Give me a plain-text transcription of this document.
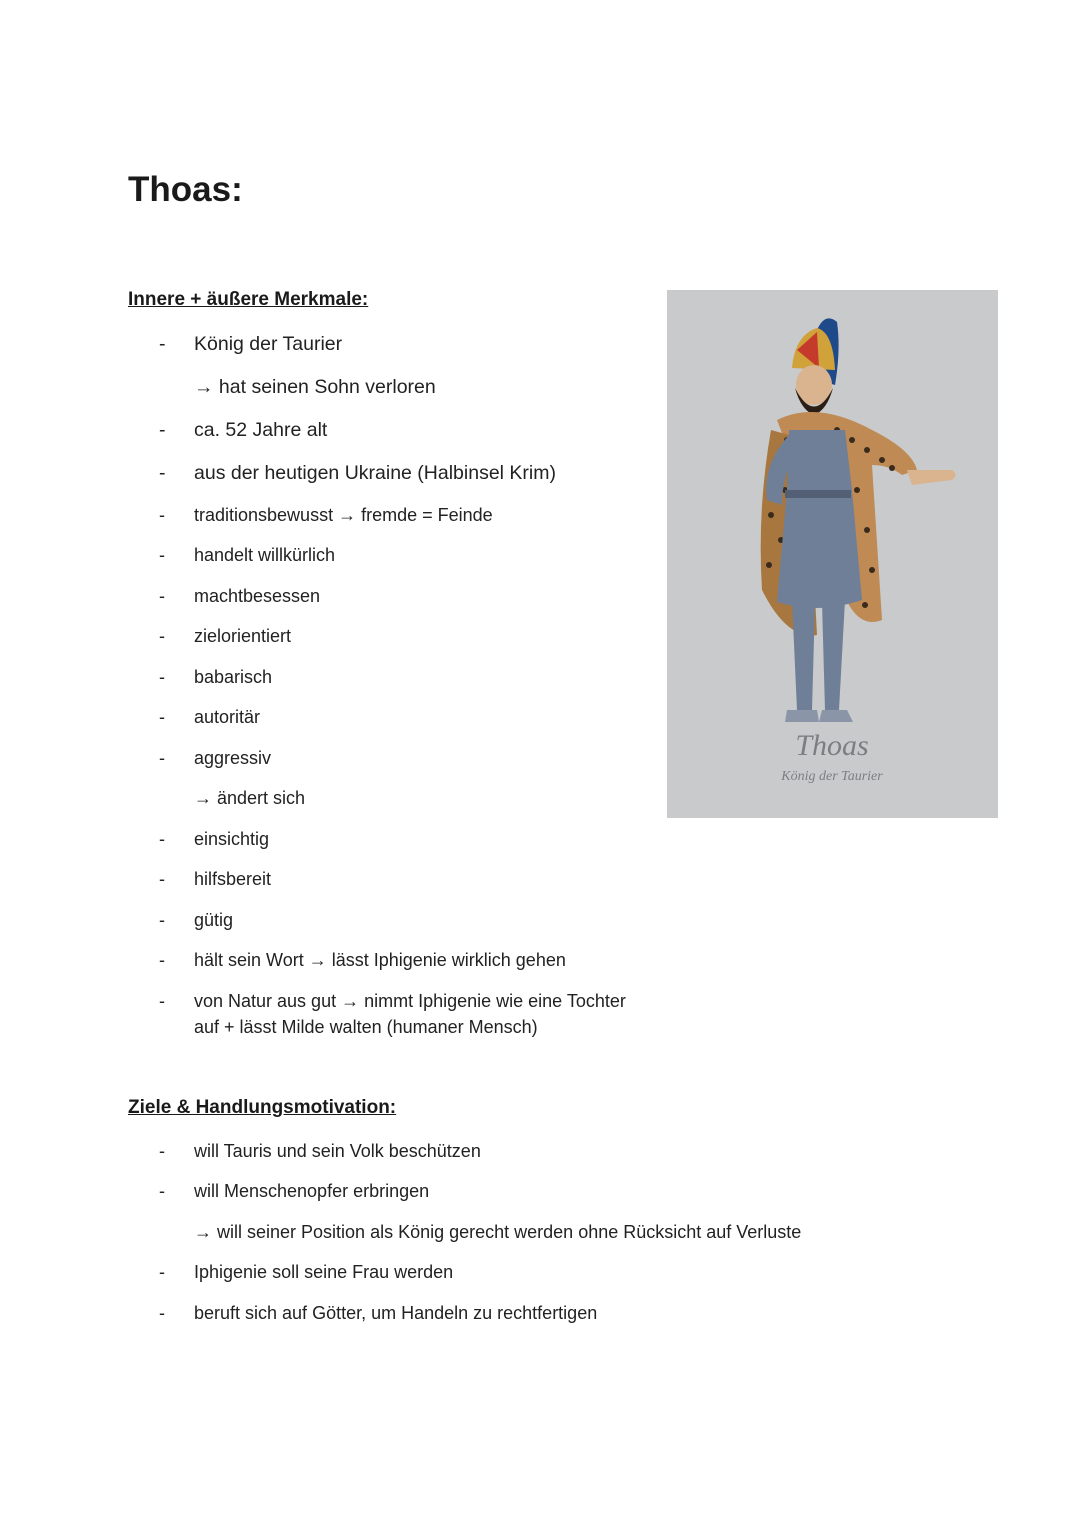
Thoas:
Innere + äußere Merkmale:
- König der Taurier
→ hat seinen Sohn verloren
- ca. 52 Jahre alt
- aus der heutigen Ukraine (Halbinsel Krim)
- traditionsbewusst → fremde = Feinde
- handelt willkürlich
- machtbesessen
- zielorientiert
- babarisch
- autoritär
- aggressiv
→ ändert sich
- einsichtig
- hilfsbereit
- gütig
- hält sein Wort → lässt Iphigenie wirklich gehen
- von Natur aus gut → nimmt Iphigenie wie eine Tochter
auf + lässt Milde walten (humaner Mensch)
Ziele & Handlungsmotivation:
- will Tauris und sein Volk beschützen
- will Menschenopfer erbringen
→ will seiner Position als König gerecht werden ohne Rücksicht auf Verluste
- Iphigenie soll seine Frau werden
- beruft sich auf Götter, um Handeln zu rechtfertigen
Thoas
König der Taurier
